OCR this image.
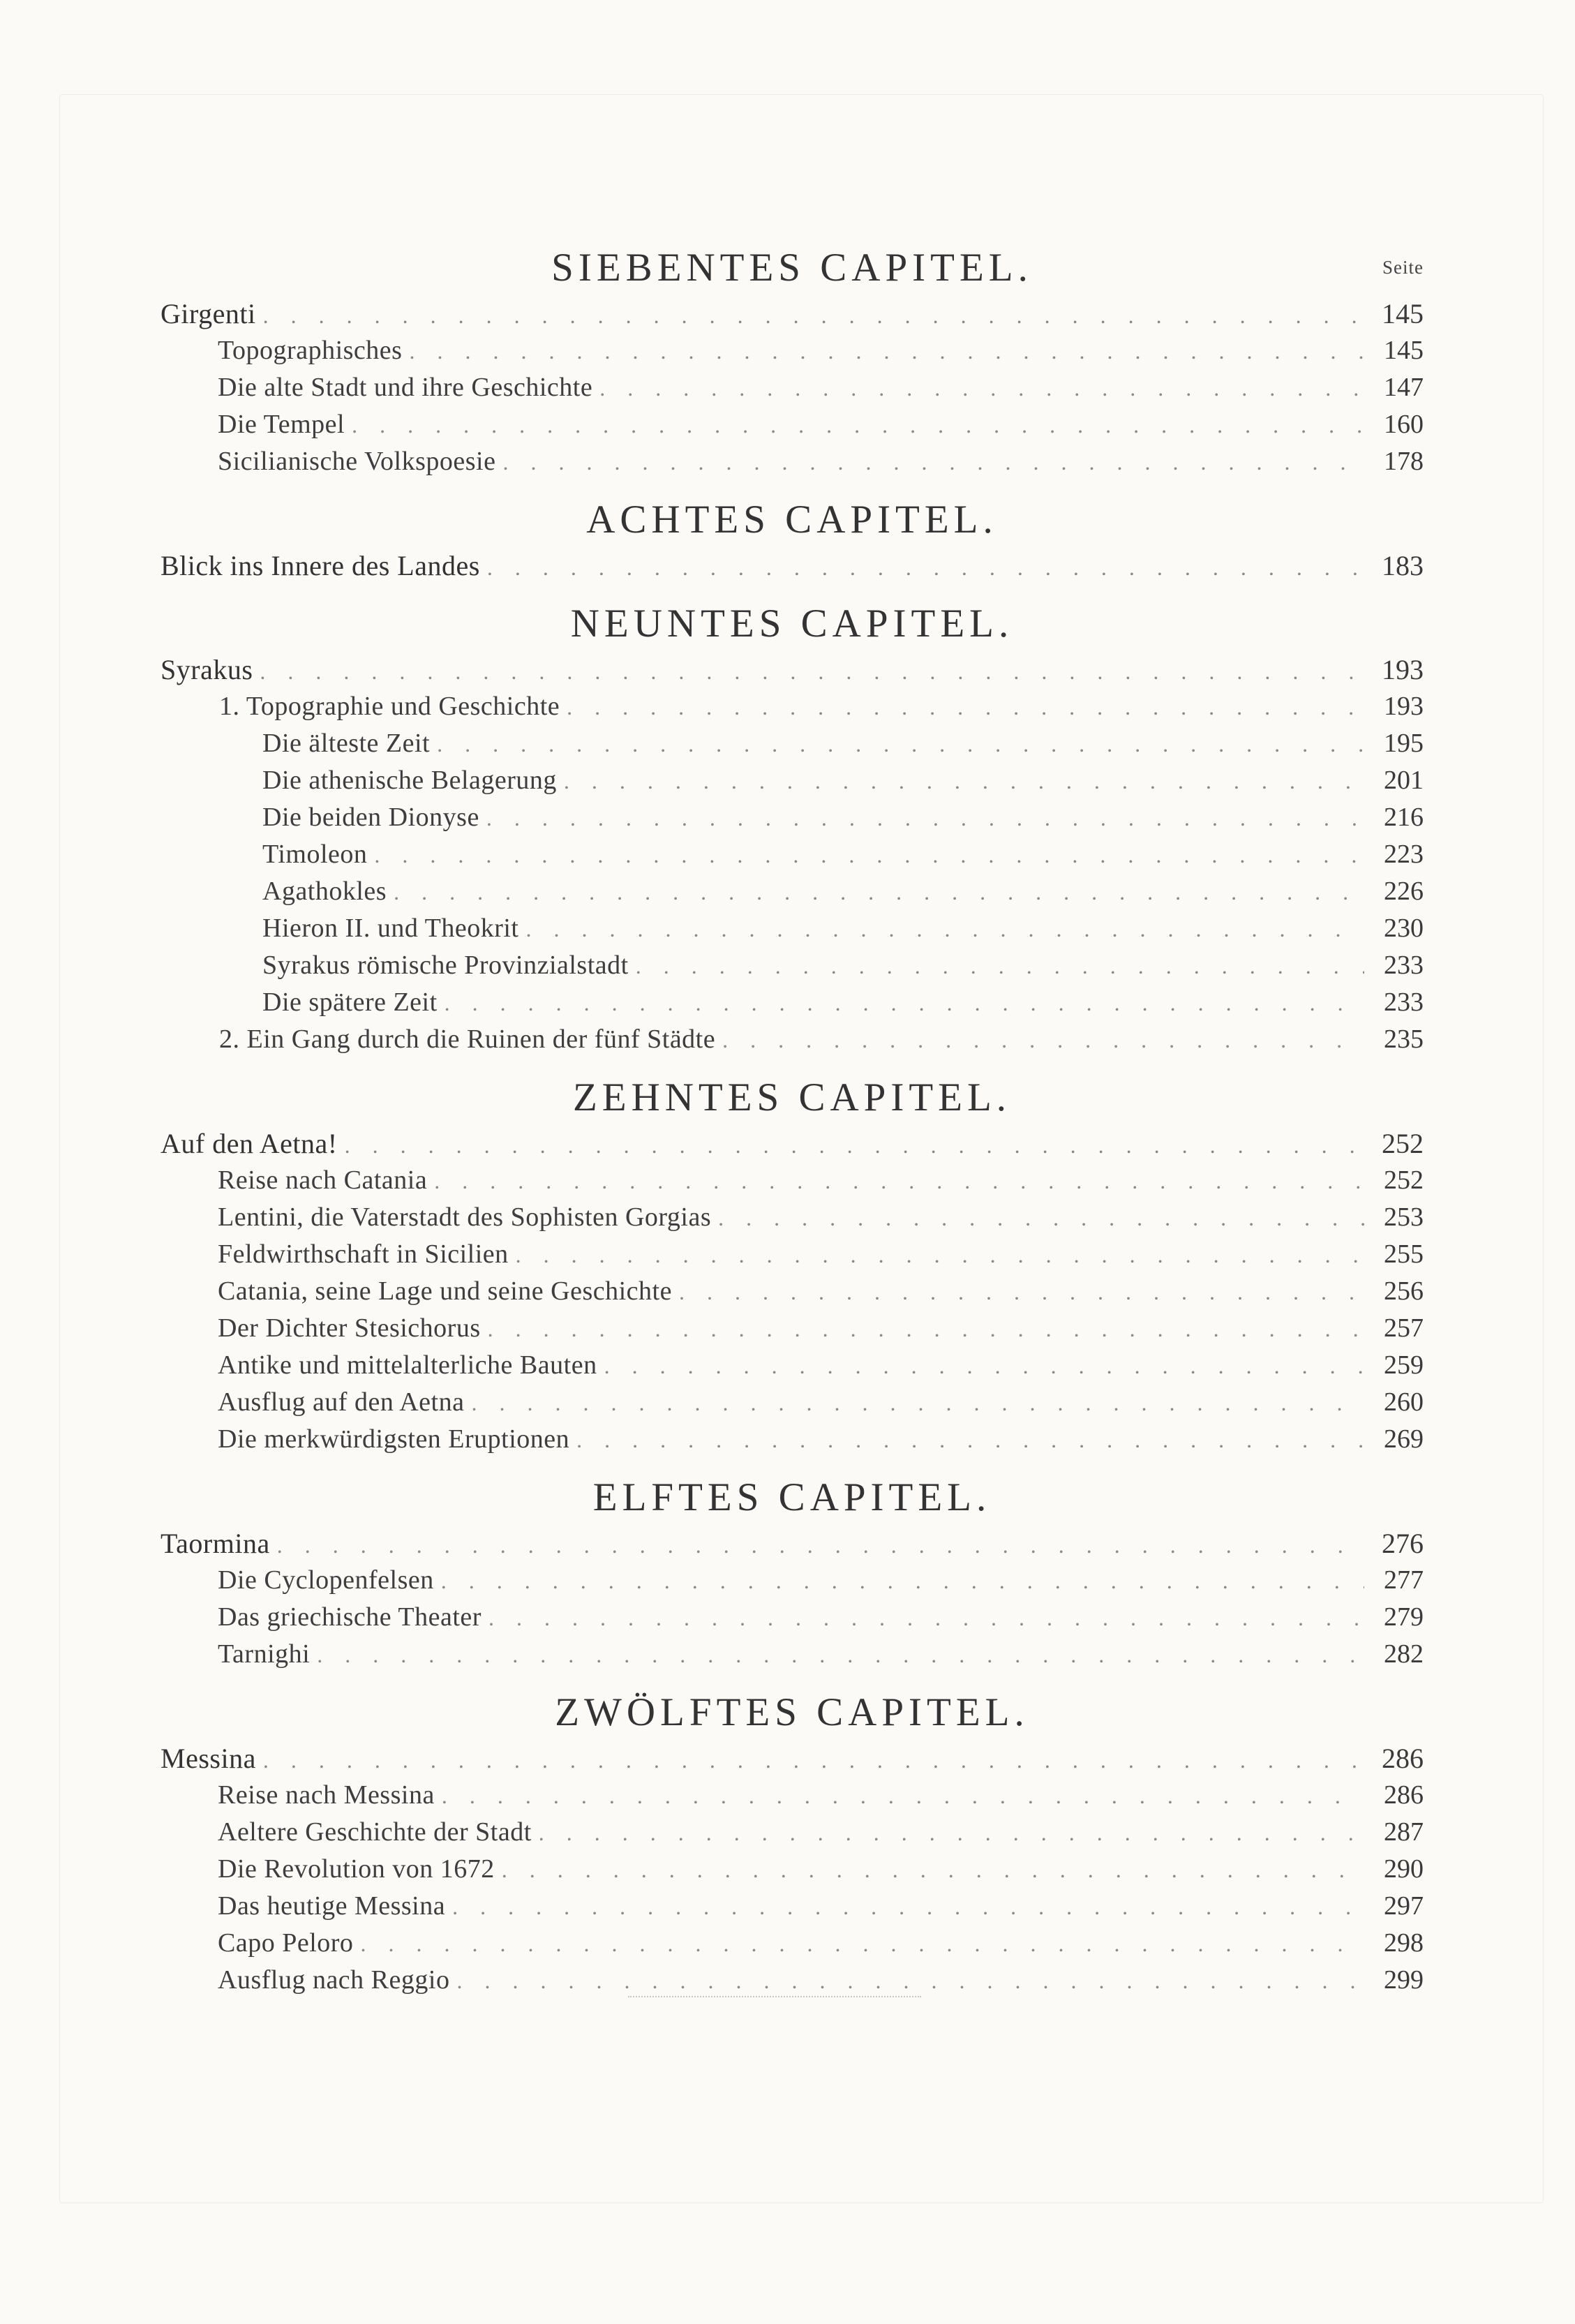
SIEBENTES CAPITEL.	Seite
Girgenti . . .	145
Topographisches . . .	145
Die alte Stadt und ihre Geschichte . . .	147
Die Tempel . . .	160
Sicilianische Volkspoesie . . .	178
ACHTES CAPITEL.
Blick ins Innere des Landes . . .	183
NEUNTES CAPITEL.
Syrakus . . .	193
1. Topographie und Geschichte . . .	193
Die älteste Zeit . . .	195
Die athenische Belagerung . . .	201
Die beiden Dionyse . . .	216
Timoleon . . .	223
Agathokles . . .	226
Hieron II. und Theokrit . . .	230
Syrakus römische Provinzialstadt . . .	233
Die spätere Zeit . . .	233
2. Ein Gang durch die Ruinen der fünf Städte . . .	235
ZEHNTES CAPITEL.
Auf den Aetna! . . .	252
Reise nach Catania . . .	252
Lentini, die Vaterstadt des Sophisten Gorgias . . .	253
Feldwirthschaft in Sicilien . . .	255
Catania, seine Lage und seine Geschichte . . .	256
Der Dichter Stesichorus . . .	257
Antike und mittelalterliche Bauten . . .	259
Ausflug auf den Aetna . . .	260
Die merkwürdigsten Eruptionen . . .	269
ELFTES CAPITEL.
Taormina . . .	276
Die Cyclopenfelsen . . .	277
Das griechische Theater . . .	279
Tarnighi . . .	282
ZWÖLFTES CAPITEL.
Messina . . .	286
Reise nach Messina . . .	286
Aeltere Geschichte der Stadt . . .	287
Die Revolution von 1672 . . .	290
Das heutige Messina . . .	297
Capo Peloro . . .	298
Ausflug nach Reggio . . .	299
